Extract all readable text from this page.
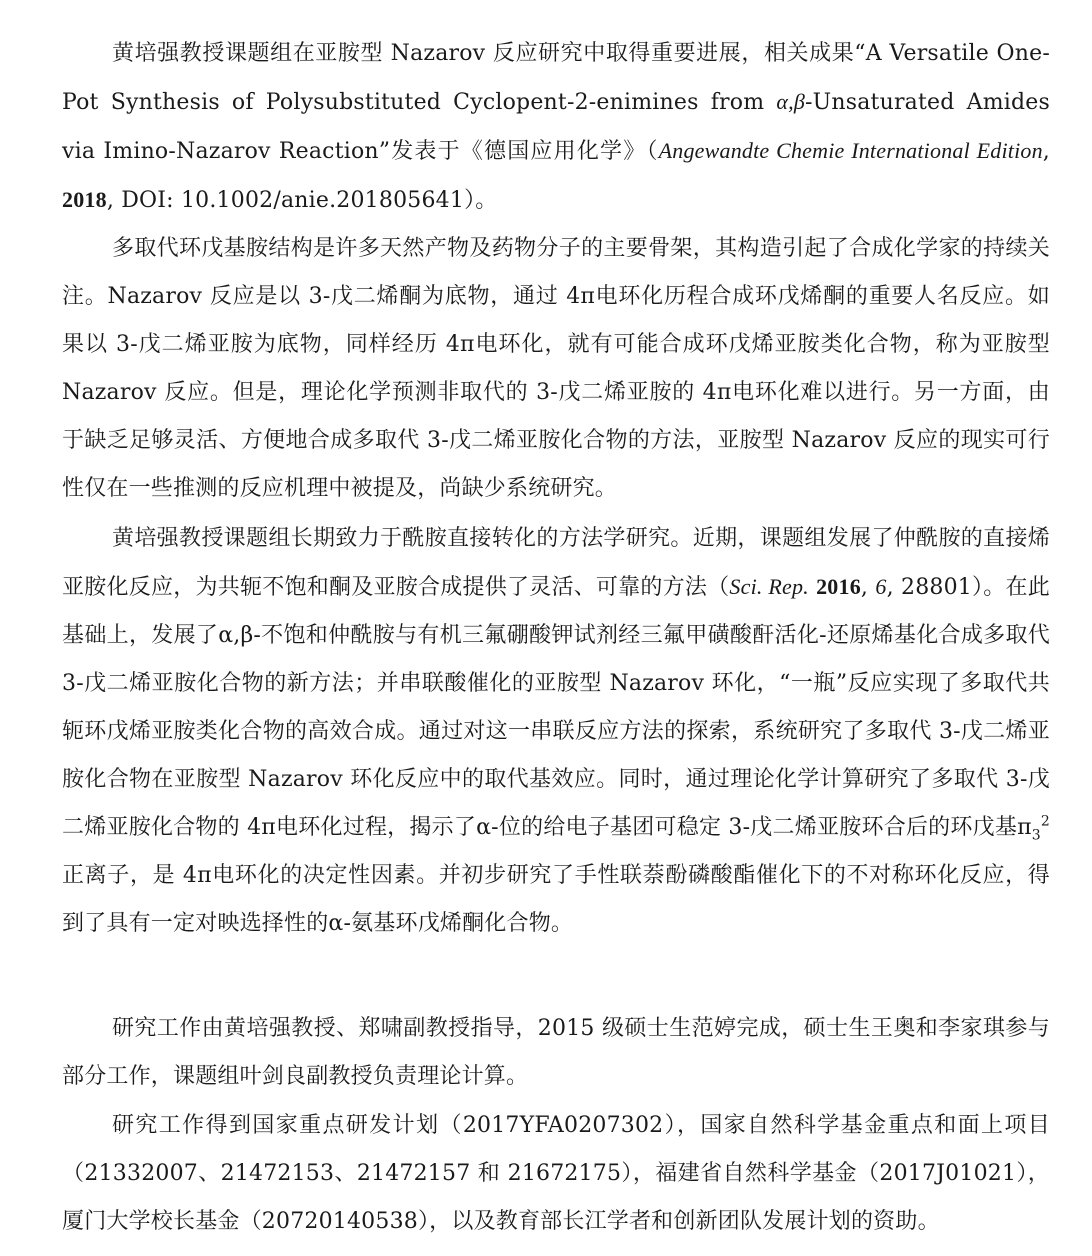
黄培强教授课题组在亚胺型 Nazarov 反应研究中取得重要进展，相关成果“A Versatile One-Pot Synthesis of Polysubstituted Cyclopent-2-enimines from α,β-Unsaturated Amides via Imino-Nazarov Reaction”发表于《德国应用化学》（Angewandte Chemie International Edition, 2018, DOI: 10.1002/anie.201805641）。

多取代环戊基胺结构是许多天然产物及药物分子的主要骨架，其构造引起了合成化学家的持续关注。Nazarov 反应是以 3-戊二烯酮为底物，通过 4π电环化历程合成环戊烯酮的重要人名反应。如果以 3-戊二烯亚胺为底物，同样经历 4π电环化，就有可能合成环戊烯亚胺类化合物，称为亚胺型 Nazarov 反应。但是，理论化学预测非取代的 3-戊二烯亚胺的 4π电环化难以进行。另一方面，由于缺乏足够灵活、方便地合成多取代 3-戊二烯亚胺化合物的方法，亚胺型 Nazarov 反应的现实可行性仅在一些推测的反应机理中被提及，尚缺少系统研究。

黄培强教授课题组长期致力于酰胺直接转化的方法学研究。近期，课题组发展了仲酰胺的直接烯亚胺化反应，为共轭不饱和酮及亚胺合成提供了灵活、可靠的方法（Sci. Rep. 2016, 6, 28801）。在此基础上，发展了α,β-不饱和仲酰胺与有机三氟硼酸钾试剂经三氟甲磺酸酐活化-还原烯基化合成多取代 3-戊二烯亚胺化合物的新方法；并串联酸催化的亚胺型 Nazarov 环化，“一瓶”反应实现了多取代共轭环戊烯亚胺类化合物的高效合成。通过对这一串联反应方法的探索，系统研究了多取代 3-戊二烯亚胺化合物在亚胺型 Nazarov 环化反应中的取代基效应。同时，通过理论化学计算研究了多取代 3-戊二烯亚胺化合物的 4π电环化过程，揭示了α-位的给电子基团可稳定 3-戊二烯亚胺环合后的环戊基$\pi_3^2$ 正离子，是 4π电环化的决定性因素。并初步研究了手性联萘酚磷酸酯催化下的不对称环化反应，得到了具有一定对映选择性的α-氨基环戊烯酮化合物。

研究工作由黄培强教授、郑啸副教授指导，2015 级硕士生范婷完成，硕士生王奥和李家琪参与部分工作，课题组叶剑良副教授负责理论计算。

研究工作得到国家重点研发计划（2017YFA0207302），国家自然科学基金重点和面上项目（21332007、21472153、21472157 和 21672175），福建省自然科学基金（2017J01021），厦门大学校长基金（20720140538），以及教育部长江学者和创新团队发展计划的资助。
